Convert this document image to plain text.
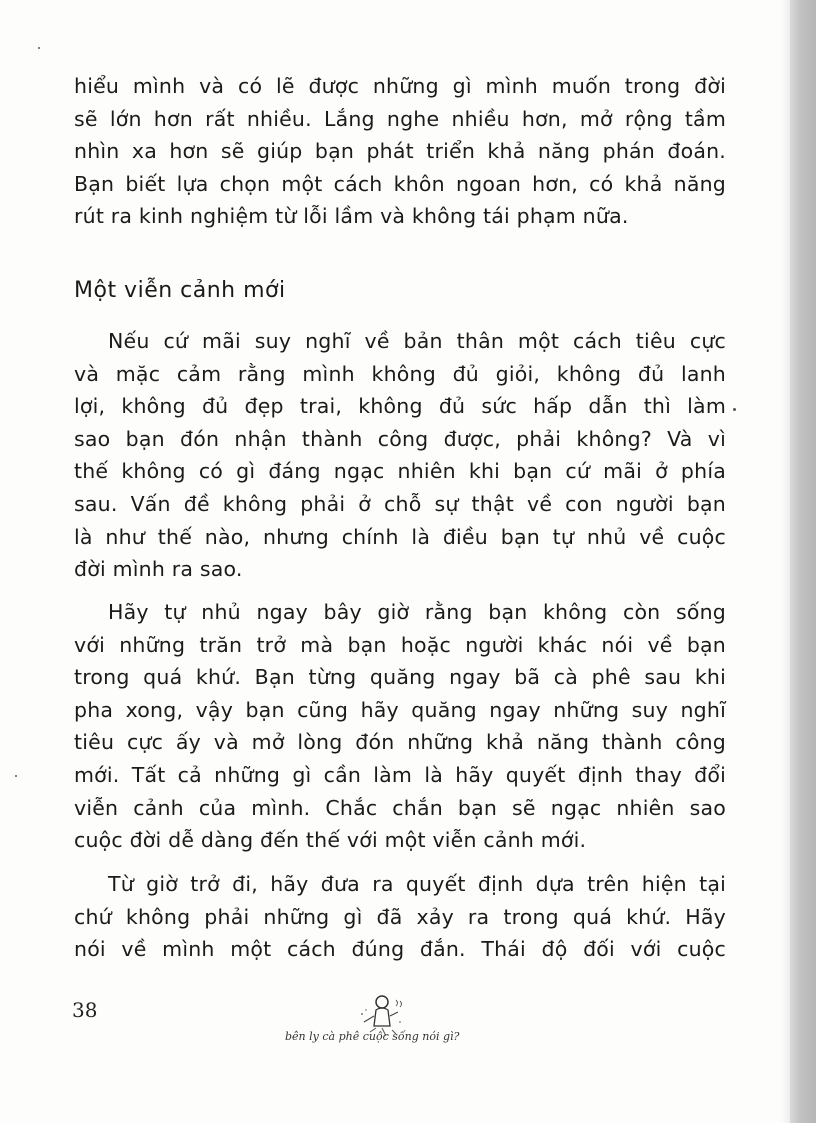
hiểu mình và có lẽ được những gì mình muốn trong đời
sẽ lớn hơn rất nhiều. Lắng nghe nhiều hơn, mở rộng tầm
nhìn xa hơn sẽ giúp bạn phát triển khả năng phán đoán.
Bạn biết lựa chọn một cách khôn ngoan hơn, có khả năng
rút ra kinh nghiệm từ lỗi lầm và không tái phạm nữa.
Một viễn cảnh mới
Nếu cứ mãi suy nghĩ về bản thân một cách tiêu cực
và mặc cảm rằng mình không đủ giỏi, không đủ lanh
lợi, không đủ đẹp trai, không đủ sức hấp dẫn thì làm
sao bạn đón nhận thành công được, phải không? Và vì
thế không có gì đáng ngạc nhiên khi bạn cứ mãi ở phía
sau. Vấn đề không phải ở chỗ sự thật về con người bạn
là như thế nào, nhưng chính là điều bạn tự nhủ về cuộc
đời mình ra sao.
Hãy tự nhủ ngay bây giờ rằng bạn không còn sống
với những trăn trở mà bạn hoặc người khác nói về bạn
trong quá khứ. Bạn từng quăng ngay bã cà phê sau khi
pha xong, vậy bạn cũng hãy quăng ngay những suy nghĩ
tiêu cực ấy và mở lòng đón những khả năng thành công
mới. Tất cả những gì cần làm là hãy quyết định thay đổi
viễn cảnh của mình. Chắc chắn bạn sẽ ngạc nhiên sao
cuộc đời dễ dàng đến thế với một viễn cảnh mới.
Từ giờ trở đi, hãy đưa ra quyết định dựa trên hiện tại
chứ không phải những gì đã xảy ra trong quá khứ. Hãy
nói về mình một cách đúng đắn. Thái độ đối với cuộc
38
bên ly cà phê cuộc sống nói gì?
